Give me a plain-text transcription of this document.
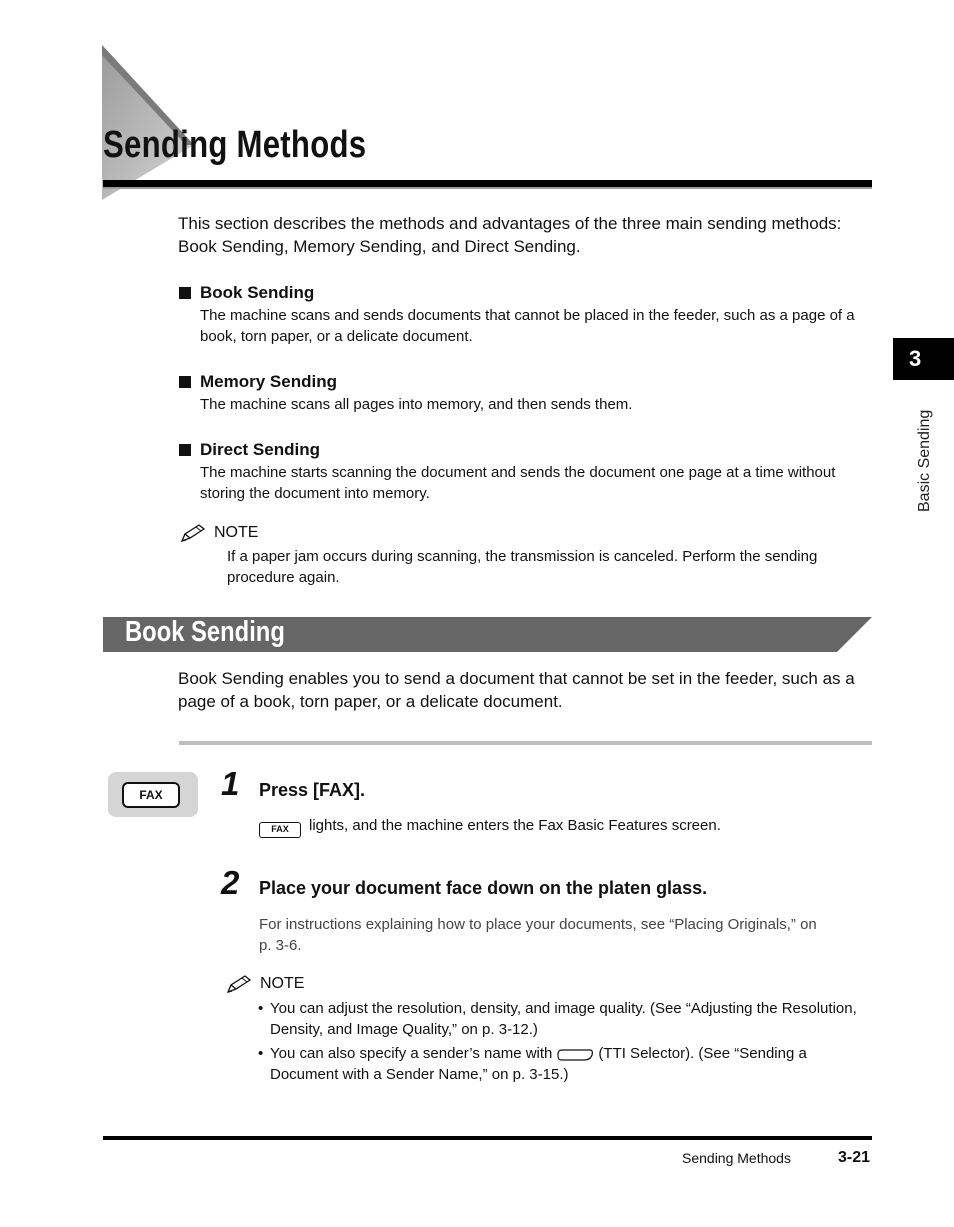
Sending Methods
This section describes the methods and advantages of the three main sending methods: Book Sending, Memory Sending, and Direct Sending.
Book Sending
The machine scans and sends documents that cannot be placed in the feeder, such as a page of a book, torn paper, or a delicate document.
Memory Sending
The machine scans all pages into memory, and then sends them.
Direct Sending
The machine starts scanning the document and sends the document one page at a time without storing the document into memory.
NOTE
If a paper jam occurs during scanning, the transmission is canceled. Perform the sending procedure again.
Book Sending
Book Sending enables you to send a document that cannot be set in the feeder, such as a page of a book, torn paper, or a delicate document.
FAX	1 Press [FAX].
FAX lights, and the machine enters the Fax Basic Features screen.
2 Place your document face down on the platen glass.
For instructions explaining how to place your documents, see “Placing Originals,” on p. 3-6.
NOTE
• You can adjust the resolution, density, and image quality. (See “Adjusting the Resolution, Density, and Image Quality,” on p. 3-12.)
• You can also specify a sender’s name with	(TTI Selector). (See “Sending a Document with a Sender Name,” on p. 3-15.)
3
Basic Sending
Sending Methods	3-21
